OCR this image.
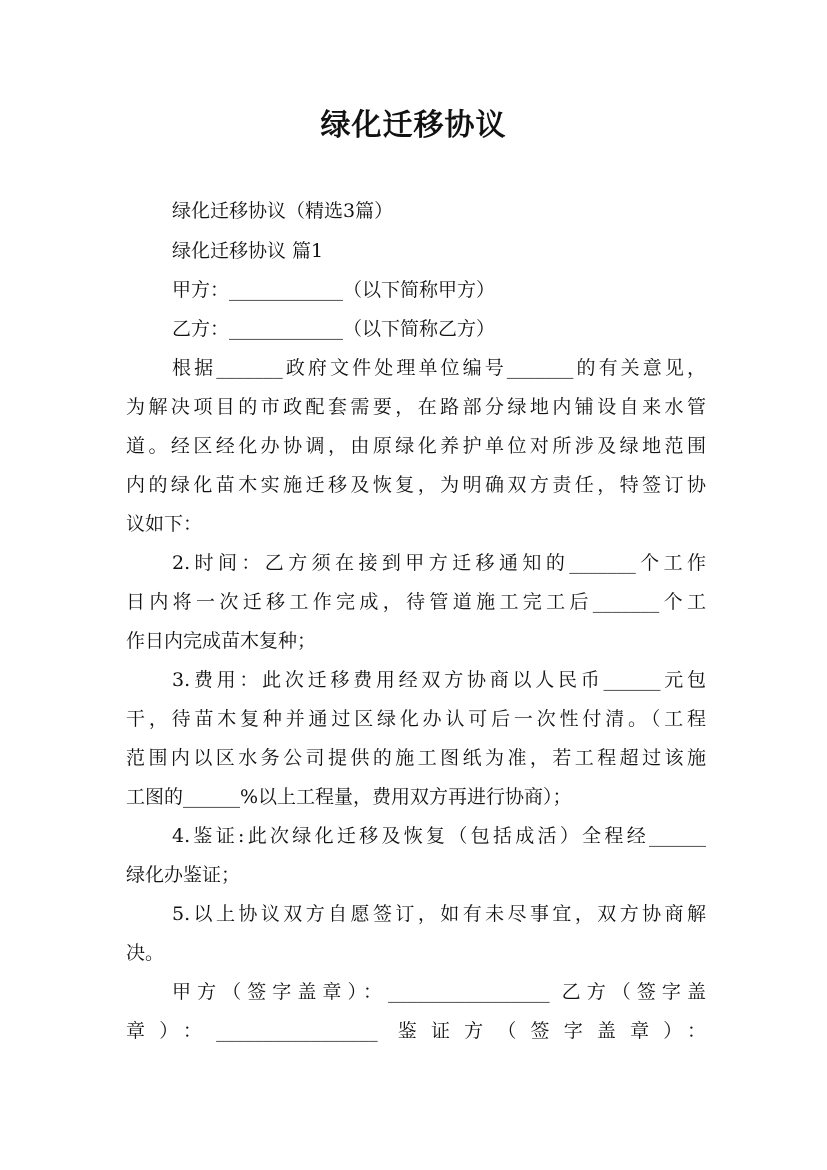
绿化迁移协议
绿化迁移协议（精选3篇）
绿化迁移协议 篇1
甲方：____________（以下简称甲方）
乙方：____________（以下简称乙方）
根据_______政府文件处理单位编号_______的有关意见，
为解决项目的市政配套需要，在路部分绿地内铺设自来水管
道。经区经化办协调，由原绿化养护单位对所涉及绿地范围
内的绿化苗木实施迁移及恢复，为明确双方责任，特签订协
议如下：
2.时间：乙方须在接到甲方迁移通知的_______个工作
日内将一次迁移工作完成，待管道施工完工后_______个工
作日内完成苗木复种；
3.费用：此次迁移费用经双方协商以人民币______元包
干，待苗木复种并通过区绿化办认可后一次性付清。（工程
范围内以区水务公司提供的施工图纸为准，若工程超过该施
工图的______%以上工程量，费用双方再进行协商）；
4.鉴证:此次绿化迁移及恢复（包括成活）全程经______
绿化办鉴证；
5.以上协议双方自愿签订，如有未尽事宜，双方协商解
决。
甲方（签字盖章）：_________________ 乙方（签字盖
章）：_________________ 鉴证方（签字盖章）：
